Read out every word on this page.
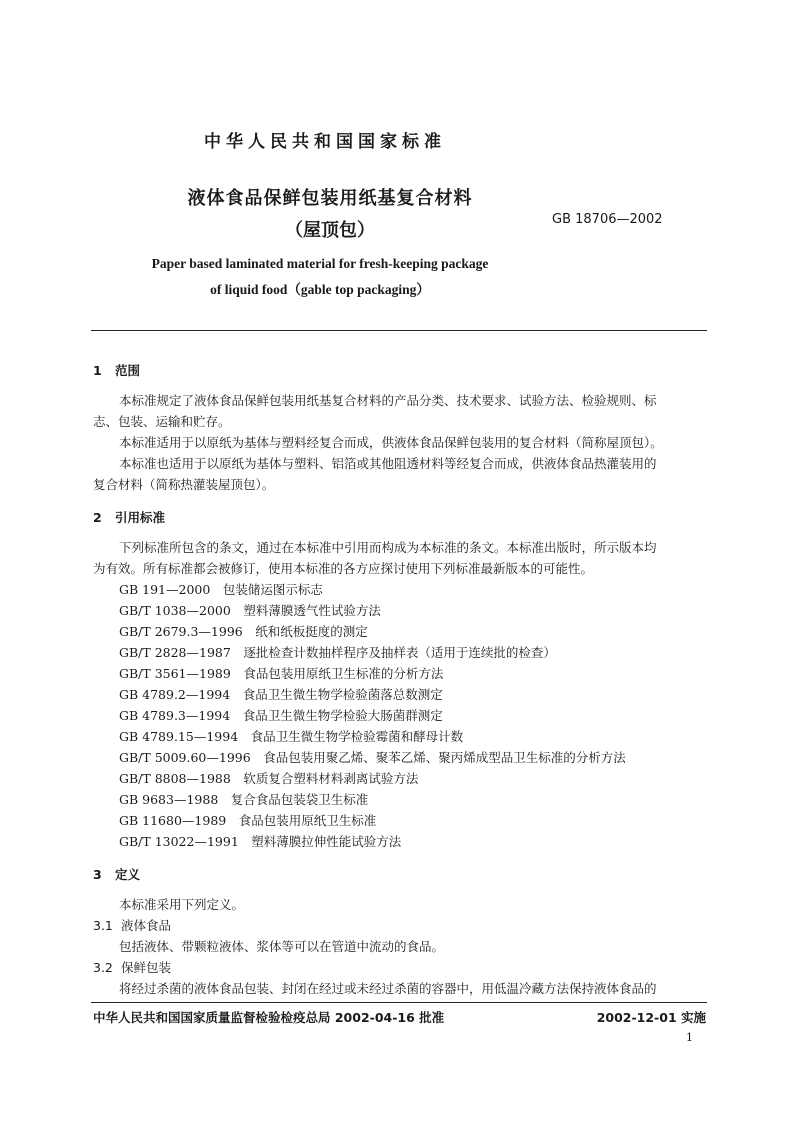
中华人民共和国国家标准
液体食品保鲜包装用纸基复合材料
（屋顶包）
GB 18706—2002
Paper based laminated material for fresh-keeping package
of liquid food（gable top packaging）
1 范围
本标准规定了液体食品保鲜包装用纸基复合材料的产品分类、技术要求、试验方法、检验规则、标
志、包装、运输和贮存。
本标准适用于以原纸为基体与塑料经复合而成，供液体食品保鲜包装用的复合材料（简称屋顶包）。
本标准也适用于以原纸为基体与塑料、铝箔或其他阻透材料等经复合而成，供液体食品热灌装用的
复合材料（简称热灌装屋顶包）。
2 引用标准
下列标准所包含的条文，通过在本标准中引用而构成为本标准的条文。本标准出版时，所示版本均
为有效。所有标准都会被修订，使用本标准的各方应探讨使用下列标准最新版本的可能性。
GB 191—2000  包装储运图示标志
GB/T 1038—2000  塑料薄膜透气性试验方法
GB/T 2679.3—1996  纸和纸板挺度的测定
GB/T 2828—1987  逐批检查计数抽样程序及抽样表（适用于连续批的检查）
GB/T 3561—1989  食品包装用原纸卫生标准的分析方法
GB 4789.2—1994  食品卫生微生物学检验菌落总数测定
GB 4789.3—1994  食品卫生微生物学检验大肠菌群测定
GB 4789.15—1994  食品卫生微生物学检验霉菌和酵母计数
GB/T 5009.60—1996  食品包装用聚乙烯、聚苯乙烯、聚丙烯成型品卫生标准的分析方法
GB/T 8808—1988  软质复合塑料材料剥离试验方法
GB 9683—1988  复合食品包装袋卫生标准
GB 11680—1989  食品包装用原纸卫生标准
GB/T 13022—1991  塑料薄膜拉伸性能试验方法
3 定义
本标准采用下列定义。
3.1 液体食品
包括液体、带颗粒液体、浆体等可以在管道中流动的食品。
3.2 保鲜包装
将经过杀菌的液体食品包装、封闭在经过或未经过杀菌的容器中，用低温冷藏方法保持液体食品的
中华人民共和国国家质量监督检验检疫总局 2002-04-16 批准	2002-12-01 实施
1
